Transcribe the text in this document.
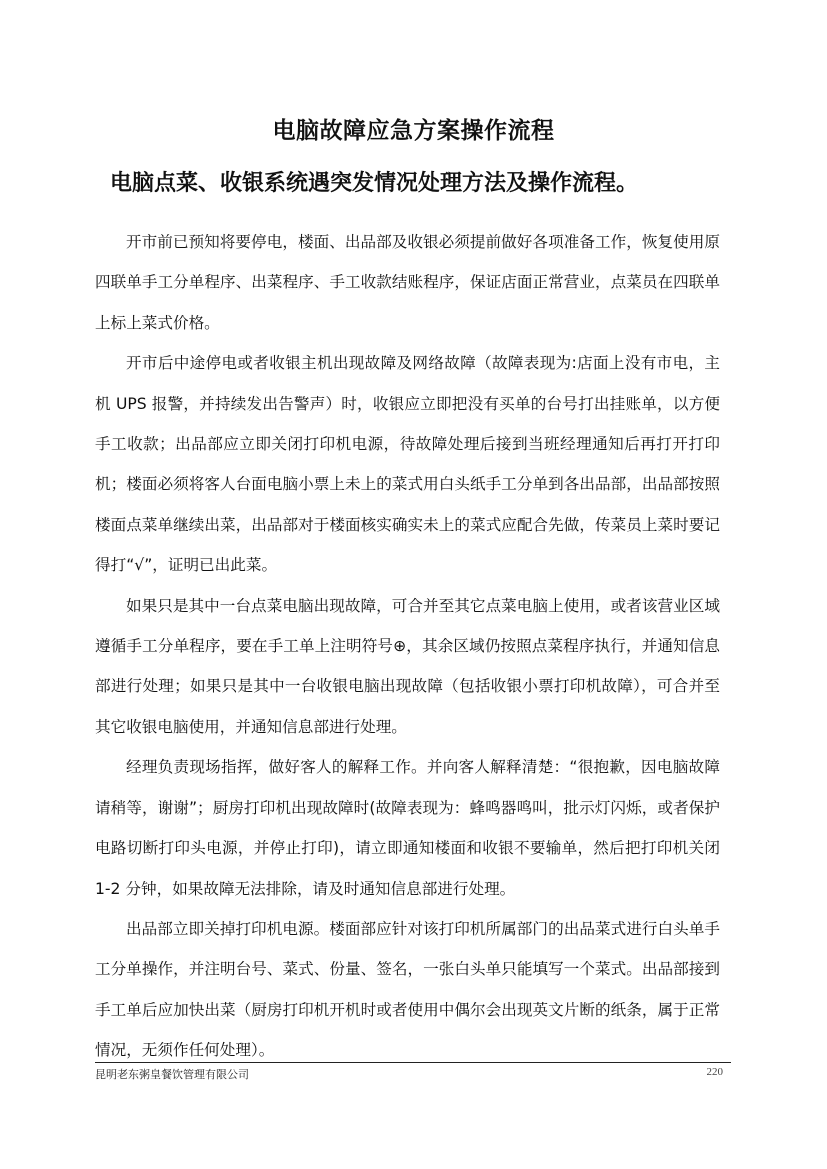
电脑故障应急方案操作流程
电脑点菜、收银系统遇突发情况处理方法及操作流程。

开市前已预知将要停电，楼面、出品部及收银必须提前做好各项准备工作，恢复使用原四联单手工分单程序、出菜程序、手工收款结账程序，保证店面正常营业，点菜员在四联单上标上菜式价格。

开市后中途停电或者收银主机出现故障及网络故障（故障表现为:店面上没有市电，主机 UPS 报警，并持续发出告警声）时，收银应立即把没有买单的台号打出挂账单，以方便手工收款；出品部应立即关闭打印机电源，待故障处理后接到当班经理通知后再打开打印机；楼面必须将客人台面电脑小票上未上的菜式用白头纸手工分单到各出品部，出品部按照楼面点菜单继续出菜，出品部对于楼面核实确实未上的菜式应配合先做，传菜员上菜时要记得打“√”，证明已出此菜。

如果只是其中一台点菜电脑出现故障，可合并至其它点菜电脑上使用，或者该营业区域遵循手工分单程序，要在手工单上注明符号⊕，其余区域仍按照点菜程序执行，并通知信息部进行处理；如果只是其中一台收银电脑出现故障（包括收银小票打印机故障），可合并至其它收银电脑使用，并通知信息部进行处理。

经理负责现场指挥，做好客人的解释工作。并向客人解释清楚：“很抱歉，因电脑故障请稍等，谢谢”；厨房打印机出现故障时(故障表现为：蜂鸣器鸣叫，批示灯闪烁，或者保护电路切断打印头电源，并停止打印)，请立即通知楼面和收银不要输单，然后把打印机关闭 1-2 分钟，如果故障无法排除，请及时通知信息部进行处理。

出品部立即关掉打印机电源。楼面部应针对该打印机所属部门的出品菜式进行白头单手工分单操作，并注明台号、菜式、份量、签名，一张白头单只能填写一个菜式。出品部接到手工单后应加快出菜（厨房打印机开机时或者使用中偶尔会出现英文片断的纸条，属于正常情况，无须作任何处理）。

昆明老东粥皇餐饮管理有限公司	220
